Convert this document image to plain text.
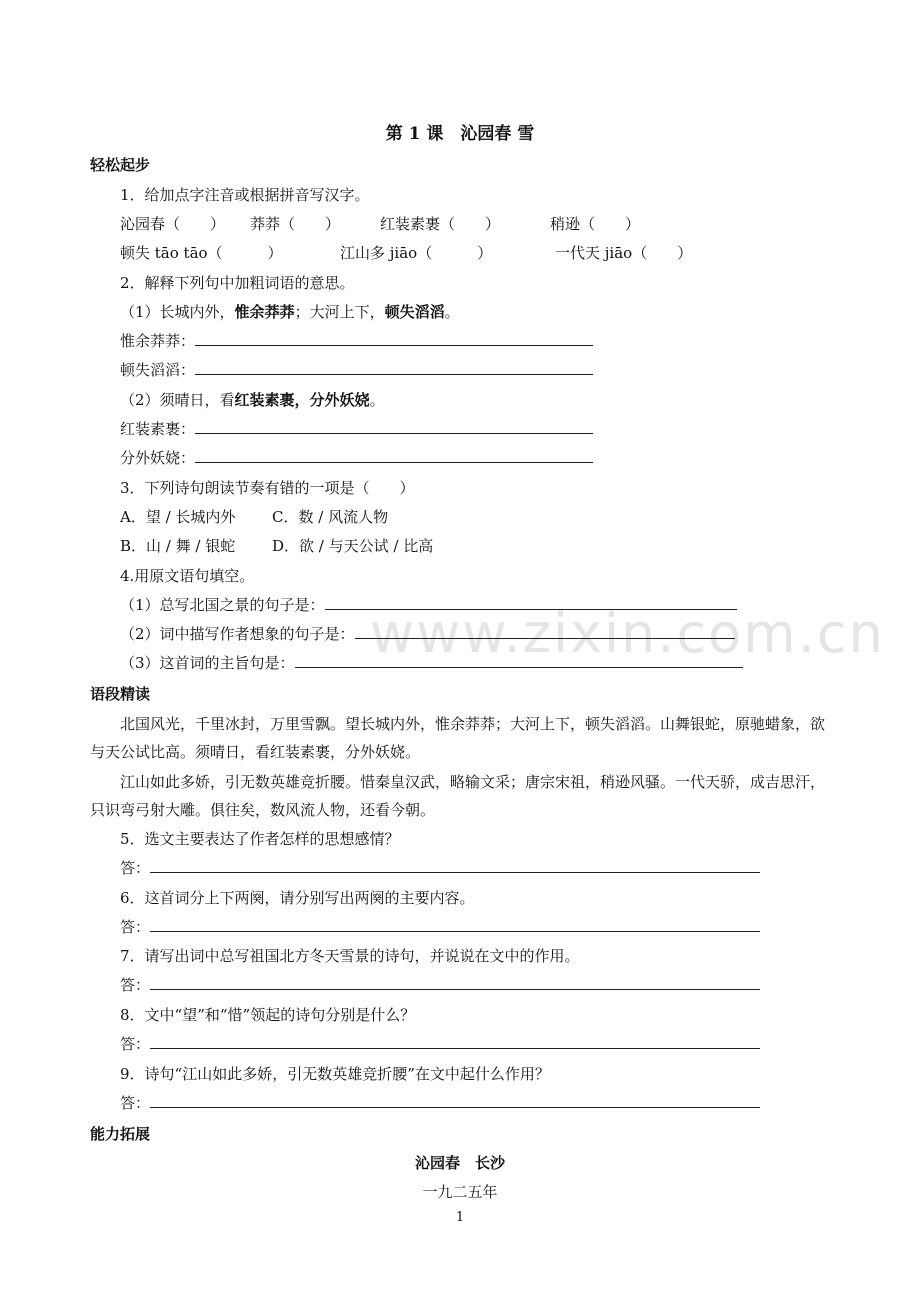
www.zixin.com.cn
第 1 课　沁园春 雪
轻松起步
1．给加点字注音或根据拼音写汉字。
沁园春（　　） 莽莽（　　）	红装素裹（　　）	稍逊（　　）
顿失 tāo tāo（　　　）	江山多 jiāo（　　　）	一代天 jiāo（　　）
2．解释下列句中加粗词语的意思。
（1）长城内外，惟余莽莽；大河上下，顿失滔滔。
惟余莽莽：
顿失滔滔：
（2）须晴日，看红装素裹，分外妖娆。
红装素裹：
分外妖娆：
3．下列诗句朗读节奏有错的一项是（　　）
A．望 / 长城内外 C．数 / 风流人物
B．山 / 舞 / 银蛇 D．欲 / 与天公试 / 比高
4.用原文语句填空。
（1）总写北国之景的句子是：
（2）词中描写作者想象的句子是：
（3）这首词的主旨句是：
语段精读
北国风光，千里冰封，万里雪飘。望长城内外，惟余莽莽；大河上下，顿失滔滔。山舞银蛇，原驰蜡象，欲与天公试比高。须晴日，看红装素裹，分外妖娆。
江山如此多娇，引无数英雄竞折腰。惜秦皇汉武，略输文采；唐宗宋祖，稍逊风骚。一代天骄，成吉思汗，只识弯弓射大雕。俱往矣，数风流人物，还看今朝。
5．选文主要表达了作者怎样的思想感情？
答：
6．这首词分上下两阕，请分别写出两阕的主要内容。
答：
7．请写出词中总写祖国北方冬天雪景的诗句，并说说在文中的作用。
答：
8．文中“望”和“惜”领起的诗句分别是什么？
答：
9．诗句“江山如此多娇，引无数英雄竞折腰”在文中起什么作用？
答：
能力拓展
沁园春　长沙
一九二五年
1
